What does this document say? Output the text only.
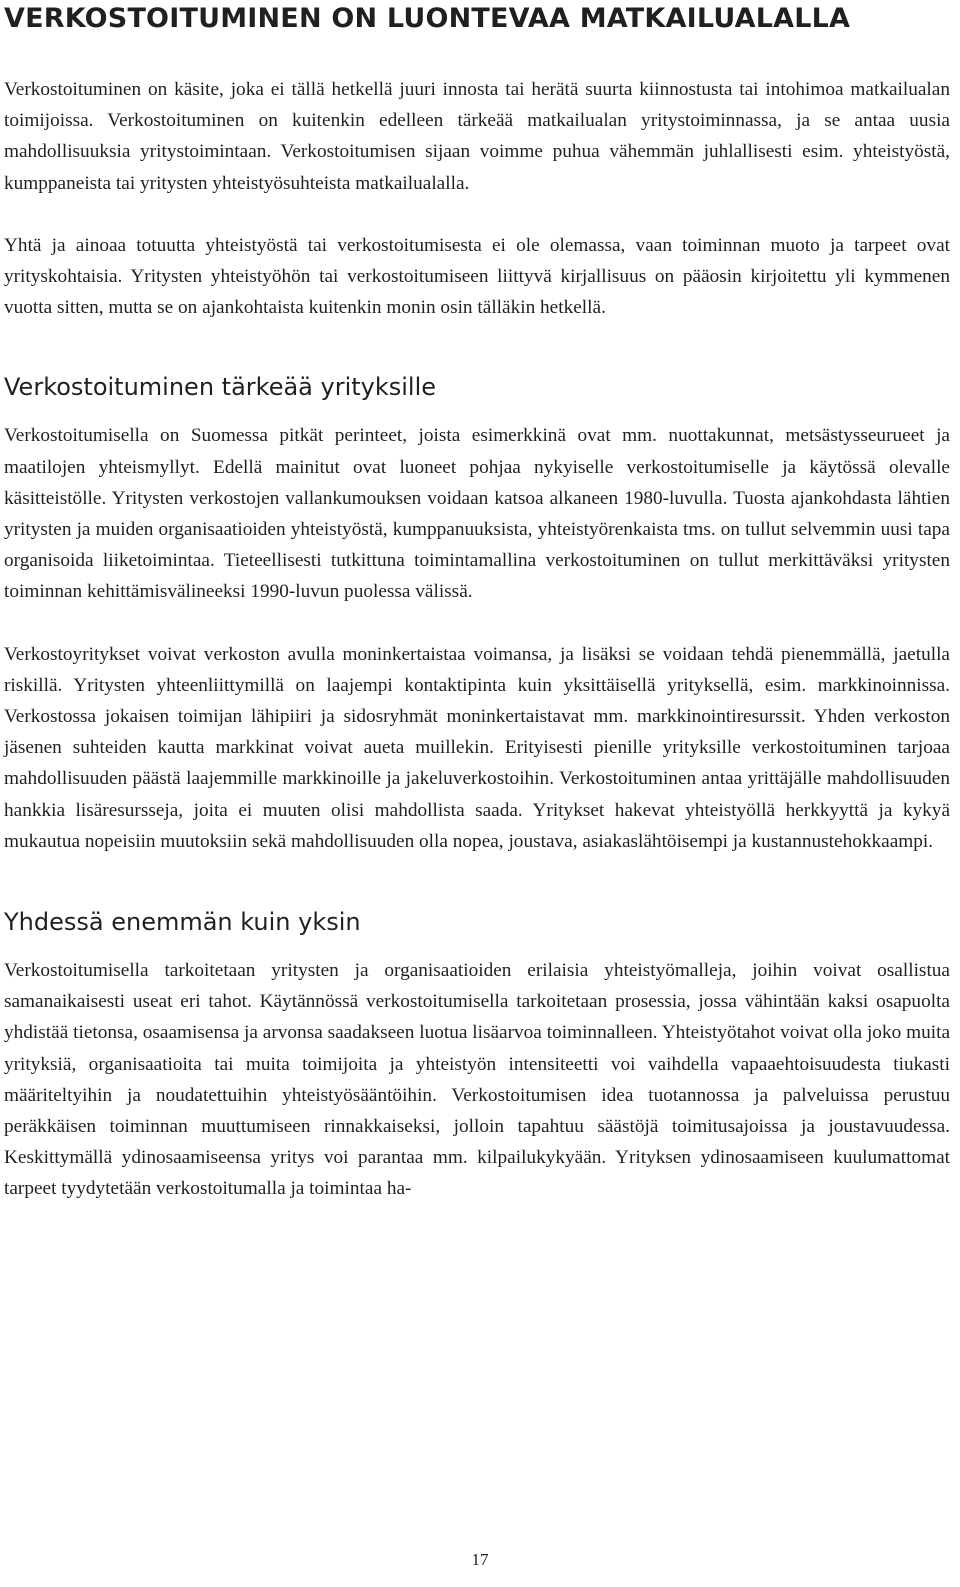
VERKOSTOITUMINEN ON LUONTEVAA MATKAILUALALLA

Verkostoituminen on käsite, joka ei tällä hetkellä juuri innosta tai herätä suurta kiinnostusta tai intohimoa matkailualan toimijoissa. Verkostoituminen on kuitenkin edelleen tärkeää matkailualan yritystoiminnassa, ja se antaa uusia mahdollisuuksia yritystoimintaan. Verkostoitumisen sijaan voimme puhua vähemmän juhlallisesti esim. yhteistyöstä, kumppaneista tai yritysten yhteistyösuhteista matkailualalla.

Yhtä ja ainoaa totuutta yhteistyöstä tai verkostoitumisesta ei ole olemassa, vaan toiminnan muoto ja tarpeet ovat yrityskohtaisia. Yritysten yhteistyöhön tai verkostoitumiseen liittyvä kirjallisuus on pääosin kirjoitettu yli kymmenen vuotta sitten, mutta se on ajankohtaista kuitenkin monin osin tälläkin hetkellä.

Verkostoituminen tärkeää yrityksille

Verkostoitumisella on Suomessa pitkät perinteet, joista esimerkkinä ovat mm. nuottakunnat, metsästysseurueet ja maatilojen yhteismyllyt. Edellä mainitut ovat luoneet pohjaa nykyiselle verkostoitumiselle ja käytössä olevalle käsitteistölle. Yritysten verkostojen vallankumouksen voidaan katsoa alkaneen 1980-luvulla. Tuosta ajankohdasta lähtien yritysten ja muiden organisaatioiden yhteistyöstä, kumppanuuksista, yhteistyörenkaista tms. on tullut selvemmin uusi tapa organisoida liiketoimintaa. Tieteellisesti tutkittuna toimintamallina verkostoituminen on tullut merkittäväksi yritysten toiminnan kehittämisvälineeksi 1990-luvun puolessa välissä.

Verkostoyritykset voivat verkoston avulla moninkertaistaa voimansa, ja lisäksi se voidaan tehdä pienemmällä, jaetulla riskillä. Yritysten yhteenliittymillä on laajempi kontaktipinta kuin yksittäisellä yrityksellä, esim. markkinoinnissa. Verkostossa jokaisen toimijan lähipiiri ja sidosryhmät moninkertaistavat mm. markkinointiresurssit. Yhden verkoston jäsenen suhteiden kautta markkinat voivat aueta muillekin. Erityisesti pienille yrityksille verkostoituminen tarjoaa mahdollisuuden päästä laajemmille markkinoille ja jakeluverkostoihin. Verkostoituminen antaa yrittäjälle mahdollisuuden hankkia lisäresursseja, joita ei muuten olisi mahdollista saada. Yritykset hakevat yhteistyöllä herkkyyttä ja kykyä mukautua nopeisiin muutoksiin sekä mahdollisuuden olla nopea, joustava, asiakaslähtöisempi ja kustannustehokkaampi.

Yhdessä enemmän kuin yksin

Verkostoitumisella tarkoitetaan yritysten ja organisaatioiden erilaisia yhteistyömalleja, joihin voivat osallistua samanaikaisesti useat eri tahot. Käytännössä verkostoitumisella tarkoitetaan prosessia, jossa vähintään kaksi osapuolta yhdistää tietonsa, osaamisensa ja arvonsa saadakseen luotua lisäarvoa toiminnalleen. Yhteistyötahot voivat olla joko muita yrityksiä, organisaatioita tai muita toimijoita ja yhteistyön intensiteetti voi vaihdella vapaaehtoisuudesta tiukasti määriteltyihin ja noudatettuihin yhteistyösääntöihin. Verkostoitumisen idea tuotannossa ja palveluissa perustuu peräkkäisen toiminnan muuttumiseen rinnakkaiseksi, jolloin tapahtuu säästöjä toimitusajoissa ja joustavuudessa. Keskittymällä ydinosaamiseensa yritys voi parantaa mm. kilpailukykyään. Yrityksen ydinosaamiseen kuulumattomat tarpeet tyydytetään verkostoitumalla ja toimintaa ha-

17
